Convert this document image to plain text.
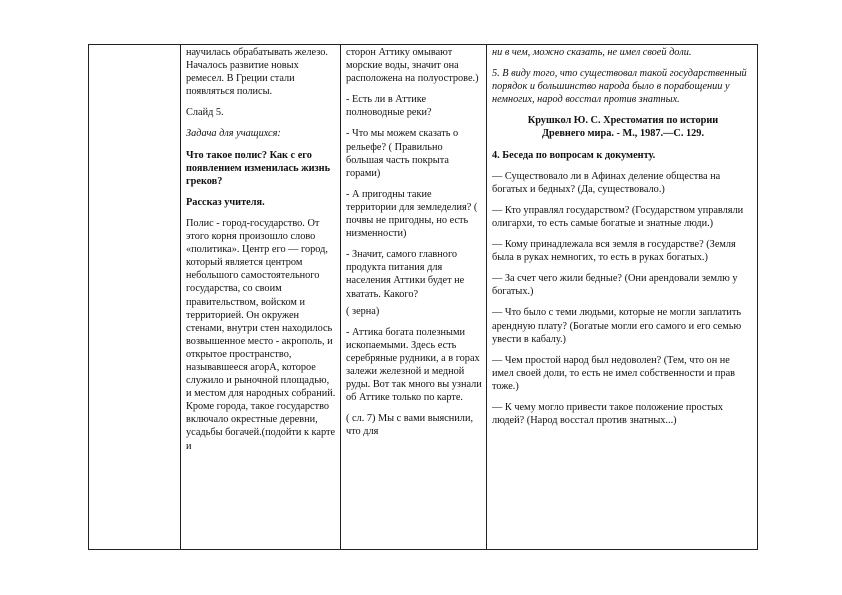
научилась обрабатывать железо. Началось развитие новых ремесел. В Греции стали появляться полисы.

Слайд 5.

Задача для учащихся:

Что такое полис? Как с его появлением изменилась жизнь греков?

Рассказ учителя.

Полис - город-государство. От этого корня произошло слово «политика». Центр его — город, который является центром небольшого самостоятельного государства, со своим правительством, войском и территорией. Он окружен стенами, внутри стен находилось возвышенное место - акрополь, и открытое пространство, называвшееся агорА, которое служило и рыночной площадью, и местом для народных собраний. Кроме города, такое государство включало окрестные деревни, усадьбы богачей.(подойти к карте и

сторон Аттику омывают морские воды, значит она расположена на полуострове.)

- Есть ли в Аттике полноводные реки?

- Что мы можем сказать о рельефе? ( Правильно большая часть покрыта горами)

- А пригодны такие территории для земледелия? ( почвы не пригодны, но есть низменности)

- Значит, самого главного продукта питания для населения Аттики будет не хватать. Какого?

( зерна)

- Аттика богата полезными ископаемыми. Здесь есть серебряные рудники, а в горах залежи железной и медной руды. Вот так много вы узнали об Аттике только по карте.

( сл. 7) Мы с вами выяснили, что для

ни в чем, можно сказать, не имел своей доли.

5. В виду того, что существовал такой государственный порядок и большинство народа было в порабощении у немногих, народ восстал против знатных.

Крушкол Ю. С. Хрестоматия по истории

Древнего мира. - М., 1987.—С. 129.

4. Беседа по вопросам к документу.

— Существовало ли в Афинах деление общества на богатых и бедных? (Да, существовало.)

— Кто управлял государством? (Государством управляли олигархи, то есть самые богатые и знатные люди.)

— Кому принадлежала вся земля в государстве? (Земля была в руках немногих, то есть в руках богатых.)

— За счет чего жили бедные? (Они арендовали землю у богатых.)

— Что было с теми людьми, которые не могли заплатить арендную плату? (Богатые могли его самого и его семью увести в кабалу.)

— Чем простой народ был недоволен? (Тем, что он не имел своей доли, то есть не имел собственности и прав тоже.)

— К чему могло привести такое положение простых людей? (Народ восстал против знатных...)
